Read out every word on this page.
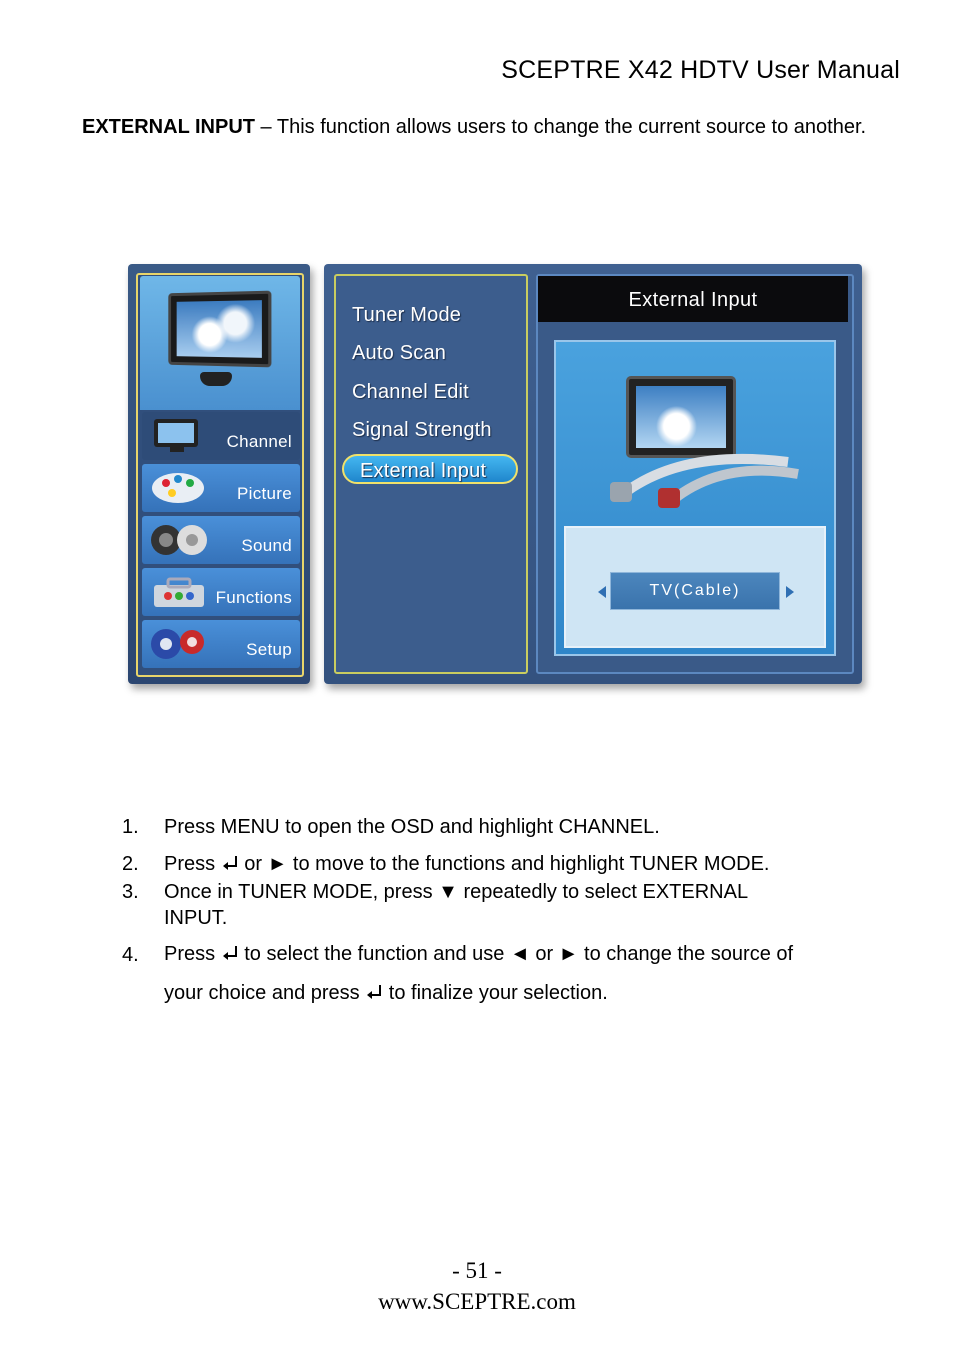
SCEPTRE X42 HDTV User Manual
EXTERNAL INPUT – This function allows users to change the current source to another.
Channel
Picture
Sound
Functions
Setup
Tuner Mode
Auto Scan
Channel Edit
Signal Strength
External Input
External Input
TV(Cable)
1.	Press MENU to open the OSD and highlight CHANNEL.
2.	Press  or ► to move to the functions and highlight TUNER MODE.
3.	Once in TUNER MODE, press ▼ repeatedly to select EXTERNAL
INPUT.
4.	Press  to select the function and use ◄ or ► to change the source of
your choice and press  to finalize your selection.
- 51 -
www.SCEPTRE.com
